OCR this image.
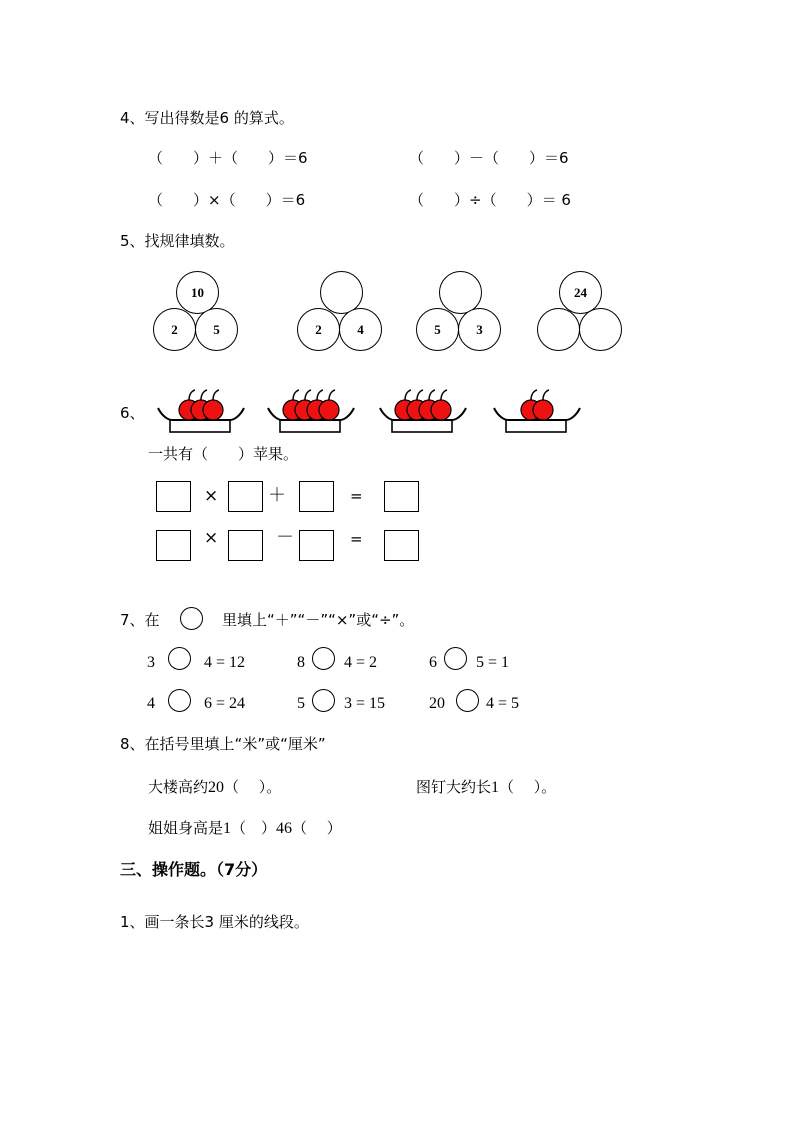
4、写出得数是6 的算式。
（　　）＋（　　）＝6	（　　）－（　　）＝6
（　　）×（　　）＝6	（　　）÷（　　）＝ 6
5、找规律填数。
10
2	5	2	4	5	3
24
6、
一共有（　　）苹果。
×	＋	=
×	－	=
7、在	里填上“＋”“－”“×”或“÷”。
3	4 = 12	8 4 = 2	6 5 = 1
4	6 = 24	5 3 = 15	20	4 = 5
8、在括号里填上“米”或“厘米”
大楼高约20（　 ）。	图钉大约长1（　 ）。
姐姐身高是1（　）46（　 ）
三、操作题。（7分）
1、画一条长3 厘米的线段。
